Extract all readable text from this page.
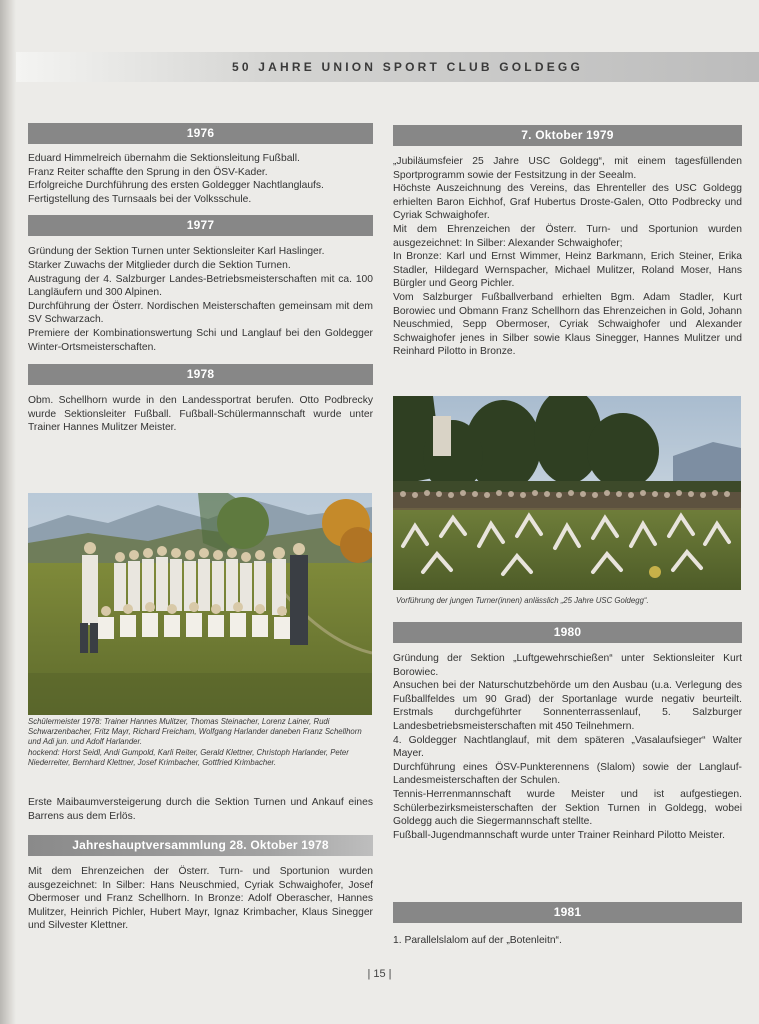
50 JAHRE UNION SPORT CLUB GOLDEGG
1976

Eduard Himmelreich übernahm die Sektionsleitung Fußball.

Franz Reiter schaffte den Sprung in den ÖSV-Kader.

Erfolgreiche Durchführung des ersten Goldegger Nachtlanglaufs.

Fertigstellung des Turnsaals bei der Volksschule.

1977

Gründung der Sektion Turnen unter Sektionsleiter Karl Haslinger.

Starker Zuwachs der Mitglieder durch die Sektion Turnen.

Austragung der 4. Salzburger Landes-Betriebsmeisterschaften mit ca. 100 Langläufern und 300 Alpinen.

Durchführung der Österr. Nordischen Meisterschaften gemeinsam mit dem SV Schwarzach.

Premiere der Kombinationswertung Schi und Langlauf bei den Goldegger Winter-Ortsmeisterschaften.

1978
Obm. Schellhorn wurde in den Landessportrat berufen. Otto Podbrecky wurde Sektionsleiter Fußball. Fußball-Schülermannschaft wurde unter Trainer Hannes Mulitzer Meister.

Schülermeister 1978: Trainer Hannes Mulitzer, Thomas Steinacher, Lorenz Lainer, Rudi Schwarzenbacher, Fritz Mayr, Richard Freicham, Wolfgang Harlander daneben Franz Schellhorn und Adi jun. und Adolf Harlander.

hockend: Horst Seidl, Andi Gumpold, Karli Reiter, Gerald Klettner, Christoph Harlander, Peter Niederreiter, Bernhard Klettner, Josef Krimbacher, Gottfried Krimbacher.

Erste Maibaumversteigerung durch die Sektion Turnen und Ankauf eines Barrens aus dem Erlös.
Jahreshauptversammlung 28. Oktober 1978
Mit dem Ehrenzeichen der Österr. Turn- und Sportunion wurden ausgezeichnet: In Silber: Hans Neuschmied, Cyriak Schwaighofer, Josef Obermoser und Franz Schellhorn. In Bronze: Adolf Oberascher, Hannes Mulitzer, Heinrich Pichler, Hubert Mayr, Ignaz Krimbacher, Klaus Sinegger und Silvester Klettner.
7. Oktober 1979

„Jubiläumsfeier 25 Jahre USC Goldegg“, mit einem tagesfüllenden Sportprogramm sowie der Festsitzung in der Seealm.

Höchste Auszeichnung des Vereins, das Ehrenteller des USC Goldegg erhielten Baron Eichhof, Graf Hubertus Droste-Galen, Otto Podbrecky und Cyriak Schwaighofer.

Mit dem Ehrenzeichen der Österr. Turn- und Sportunion wurden ausgezeichnet: In Silber: Alexander Schwaighofer;

In Bronze: Karl und Ernst Wimmer, Heinz Barkmann, Erich Steiner, Erika Stadler, Hildegard Wernspacher, Michael Mulitzer, Roland Moser, Hans Bürgler und Georg Pichler.

Vom Salzburger Fußballverband erhielten Bgm. Adam Stadler, Kurt Borowiec und Obmann Franz Schellhorn das Ehrenzeichen in Gold, Johann Neuschmied, Sepp Obermoser, Cyriak Schwaighofer und Alexander Schwaighofer jenes in Silber sowie Klaus Sinegger, Hannes Mulitzer und Reinhard Pilotto in Bronze.

Vorführung der jungen Turner(innen) anlässlich „25 Jahre USC Goldegg“.
1980

Gründung der Sektion „Luftgewehrschießen“ unter Sektionsleiter Kurt Borowiec.

Ansuchen bei der Naturschutzbehörde um den Ausbau (u.a. Verlegung des Fußballfeldes um 90 Grad) der Sportanlage wurde negativ beurteilt. Erstmals durchgeführter Sonnenterrassenlauf, 5. Salzburger Landesbetriebsmeisterschaften mit 450 Teilnehmern.

4. Goldegger Nachtlanglauf, mit dem späteren „Vasalaufsieger“ Walter Mayer.

Durchführung eines ÖSV-Punkterennens (Slalom) sowie der Langlauf-Landesmeisterschaften der Schulen.

Tennis-Herrenmannschaft wurde Meister und ist aufgestiegen. Schülerbezirksmeisterschaften der Sektion Turnen in Goldegg, wobei Goldegg auch die Siegermannschaft stellte.

Fußball-Jugendmannschaft wurde unter Trainer Reinhard Pilotto Meister.

1981

1. Parallelslalom auf der „Botenleitn“.

| 15 |
